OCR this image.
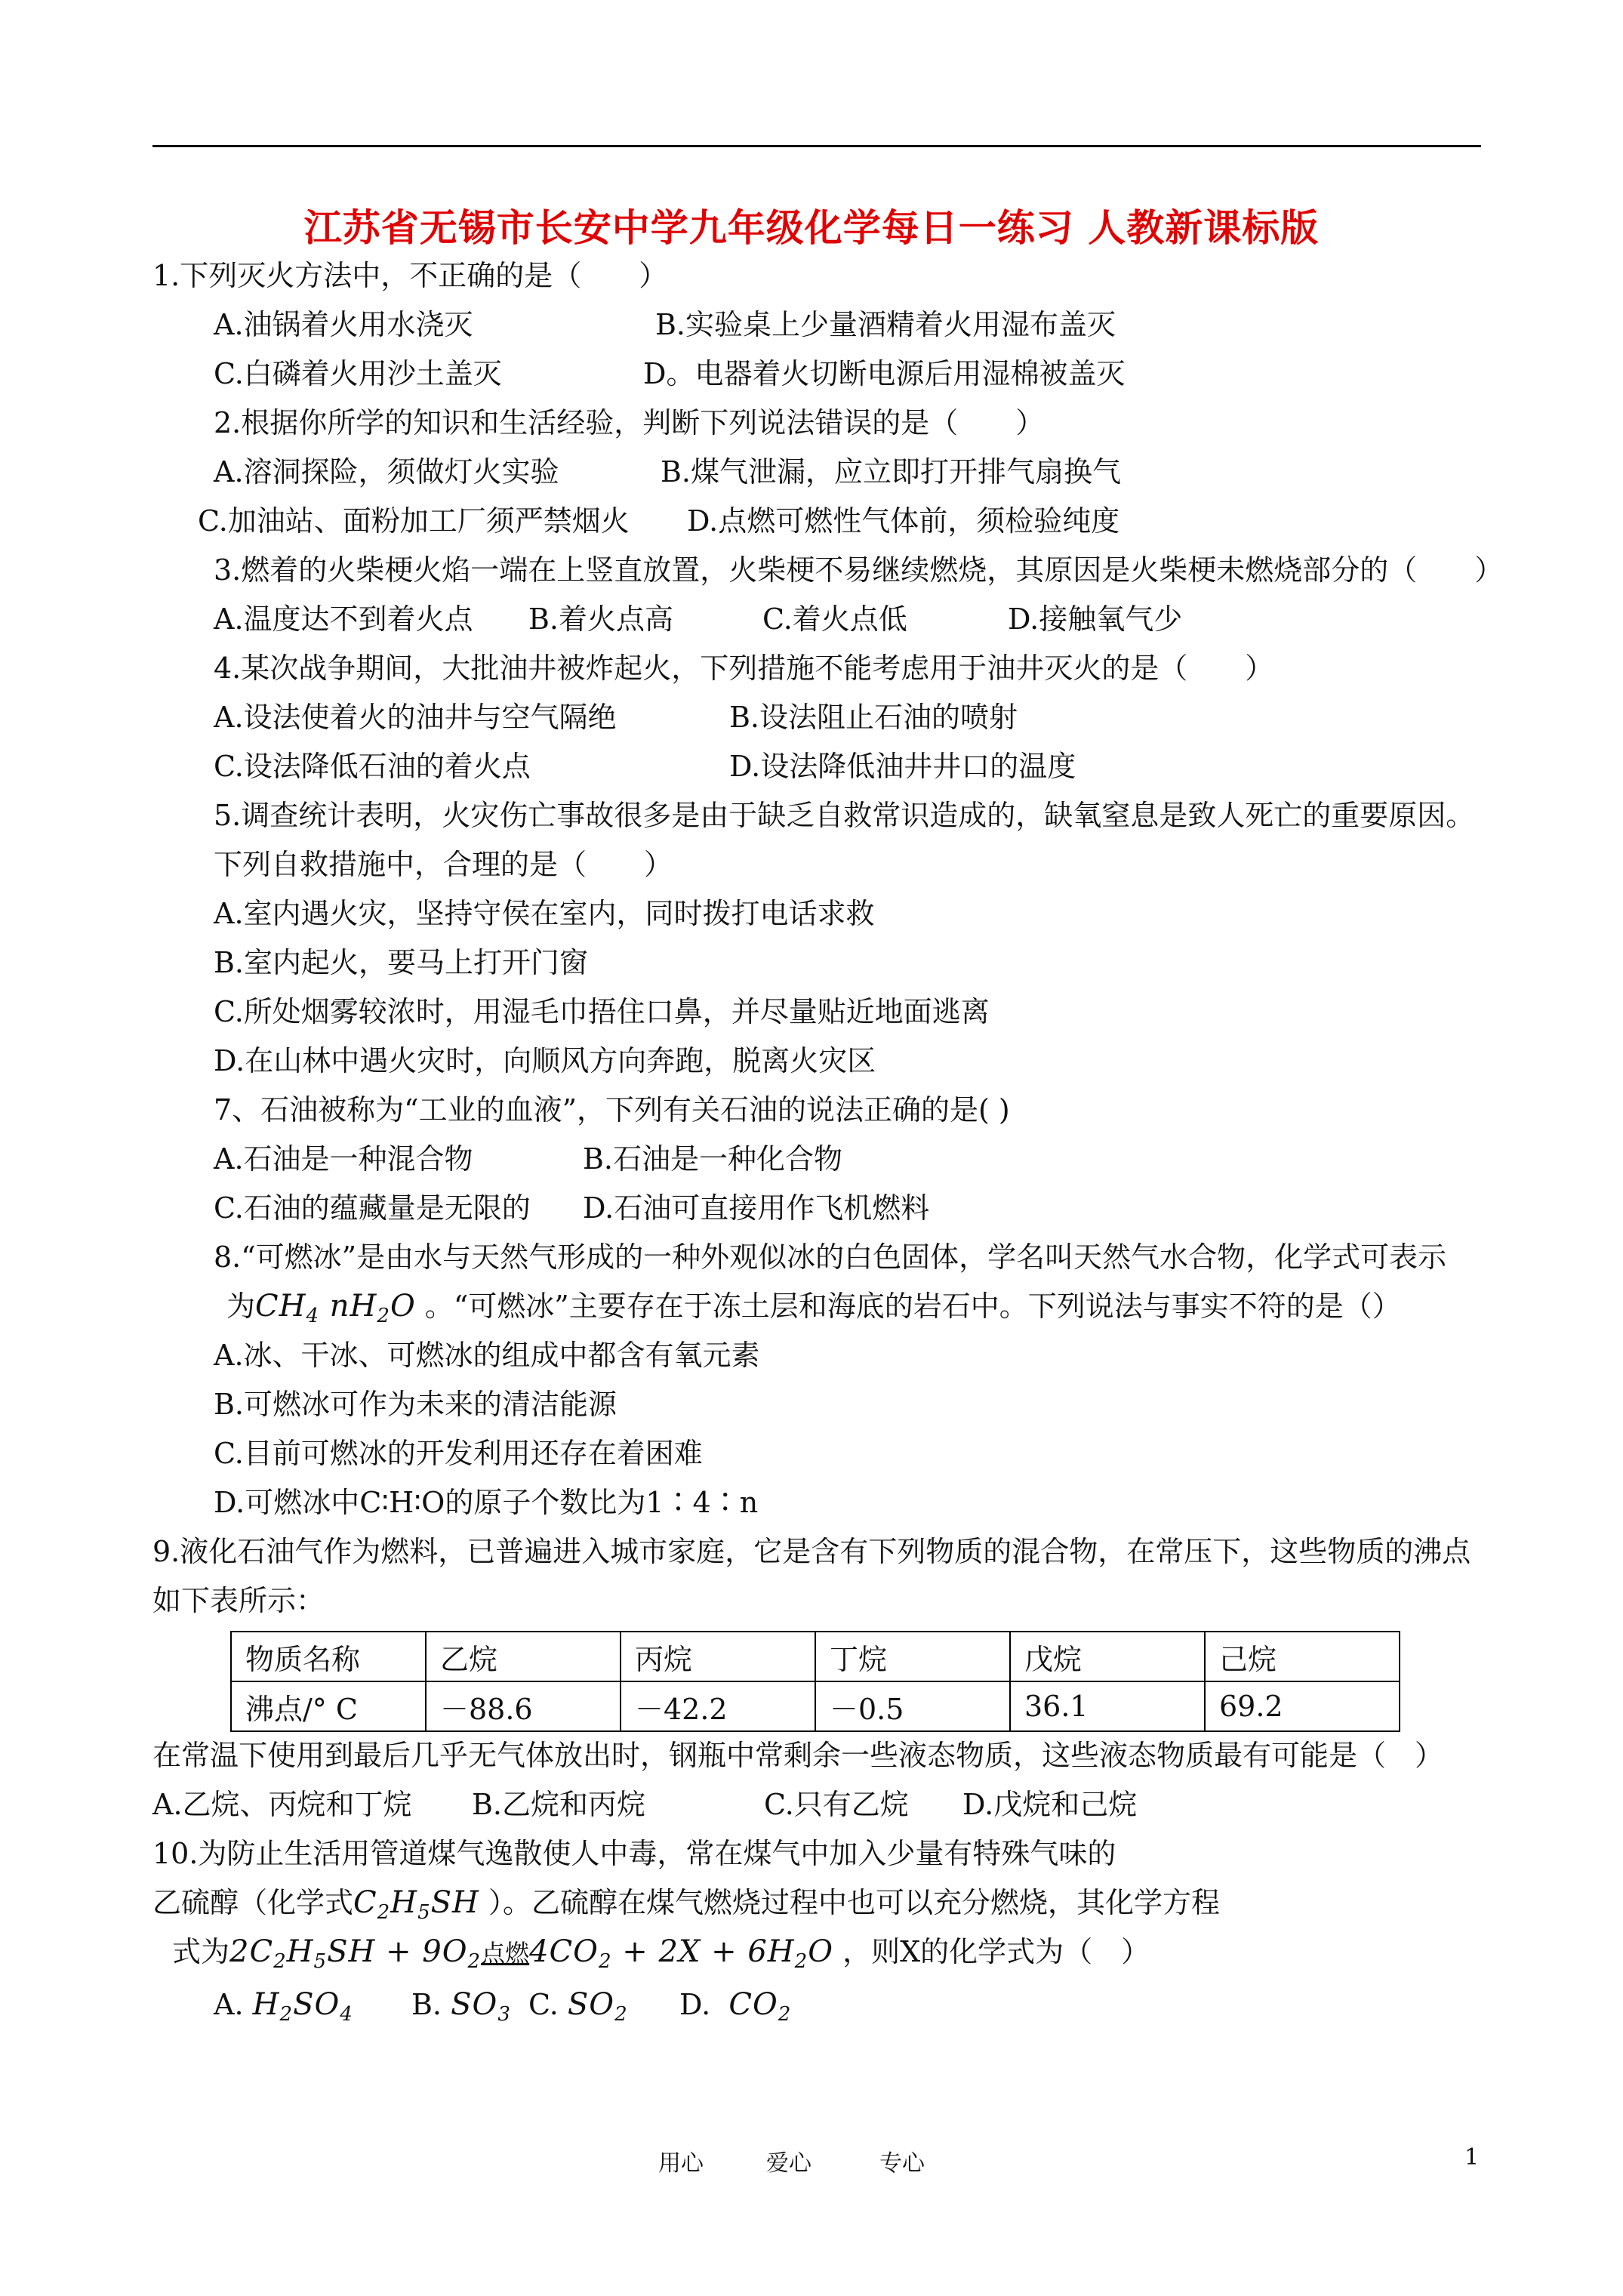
江苏省无锡市长安中学九年级化学每日一练习 人教新课标版
1.下列灭火方法中，不正确的是（　　）
A.油锅着火用水浇灭	B.实验桌上少量酒精着火用湿布盖灭
C.白磷着火用沙土盖灭	D。电器着火切断电源后用湿棉被盖灭
2.根据你所学的知识和生活经验，判断下列说法错误的是（　　）
A.溶洞探险，须做灯火实验	B.煤气泄漏，应立即打开排气扇换气
C.加油站、面粉加工厂须严禁烟火 D.点燃可燃性气体前，须检验纯度
3.燃着的火柴梗火焰一端在上竖直放置，火柴梗不易继续燃烧，其原因是火柴梗未燃烧部分的（　　）
A.温度达不到着火点 B.着火点高	C.着火点低	D.接触氧气少
4.某次战争期间，大批油井被炸起火，下列措施不能考虑用于油井灭火的是（　　）
A.设法使着火的油井与空气隔绝	B.设法阻止石油的喷射
C.设法降低石油的着火点	D.设法降低油井井口的温度
5.调查统计表明，火灾伤亡事故很多是由于缺乏自救常识造成的，缺氧窒息是致人死亡的重要原因。
下列自救措施中，合理的是（　　）
A.室内遇火灾，坚持守侯在室内，同时拨打电话求救
B.室内起火，要马上打开门窗
C.所处烟雾较浓时，用湿毛巾捂住口鼻，并尽量贴近地面逃离
D.在山林中遇火灾时，向顺风方向奔跑，脱离火灾区
7、石油被称为“工业的血液”，下列有关石油的说法正确的是( )
A.石油是一种混合物	B.石油是一种化合物
C.石油的蕴藏量是无限的 D.石油可直接用作飞机燃料
8.“可燃冰”是由水与天然气形成的一种外观似冰的白色固体，学名叫天然气水合物，化学式可表示
为$CH_4$ $nH_2O$ 。“可燃冰”主要存在于冻土层和海底的岩石中。下列说法与事实不符的是（）
A.冰、干冰、可燃冰的组成中都含有氧元素
B.可燃冰可作为未来的清洁能源
C.目前可燃冰的开发利用还存在着困难
D.可燃冰中C∶H∶O的原子个数比为1∶4∶n
9.液化石油气作为燃料，已普遍进入城市家庭，它是含有下列物质的混合物，在常压下，这些物质的沸点
如下表所示：
物质名称	乙烷	丙烷	丁烷	戊烷	己烷
沸点/° C	－88.6	－42.2	－0.5	36.1	69.2
在常温下使用到最后几乎无气体放出时，钢瓶中常剩余一些液态物质，这些液态物质最有可能是（　）
A.乙烷、丙烷和丁烷 B.乙烷和丙烷	C.只有乙烷 D.戊烷和己烷
10.为防止生活用管道煤气逸散使人中毒，常在煤气中加入少量有特殊气味的
乙硫醇（化学式$C_2H_5SH$ ）。乙硫醇在煤气燃烧过程中也可以充分燃烧，其化学方程
式为$2C_2H_5SH + 9O_2$点燃$4CO_2 + 2X + 6H_2O$ ，则X的化学式为（　）
A. $H_2SO_4$ B. $SO_3$ C. $SO_2$ D. $CO_2$
用心	爱心	专心	1
